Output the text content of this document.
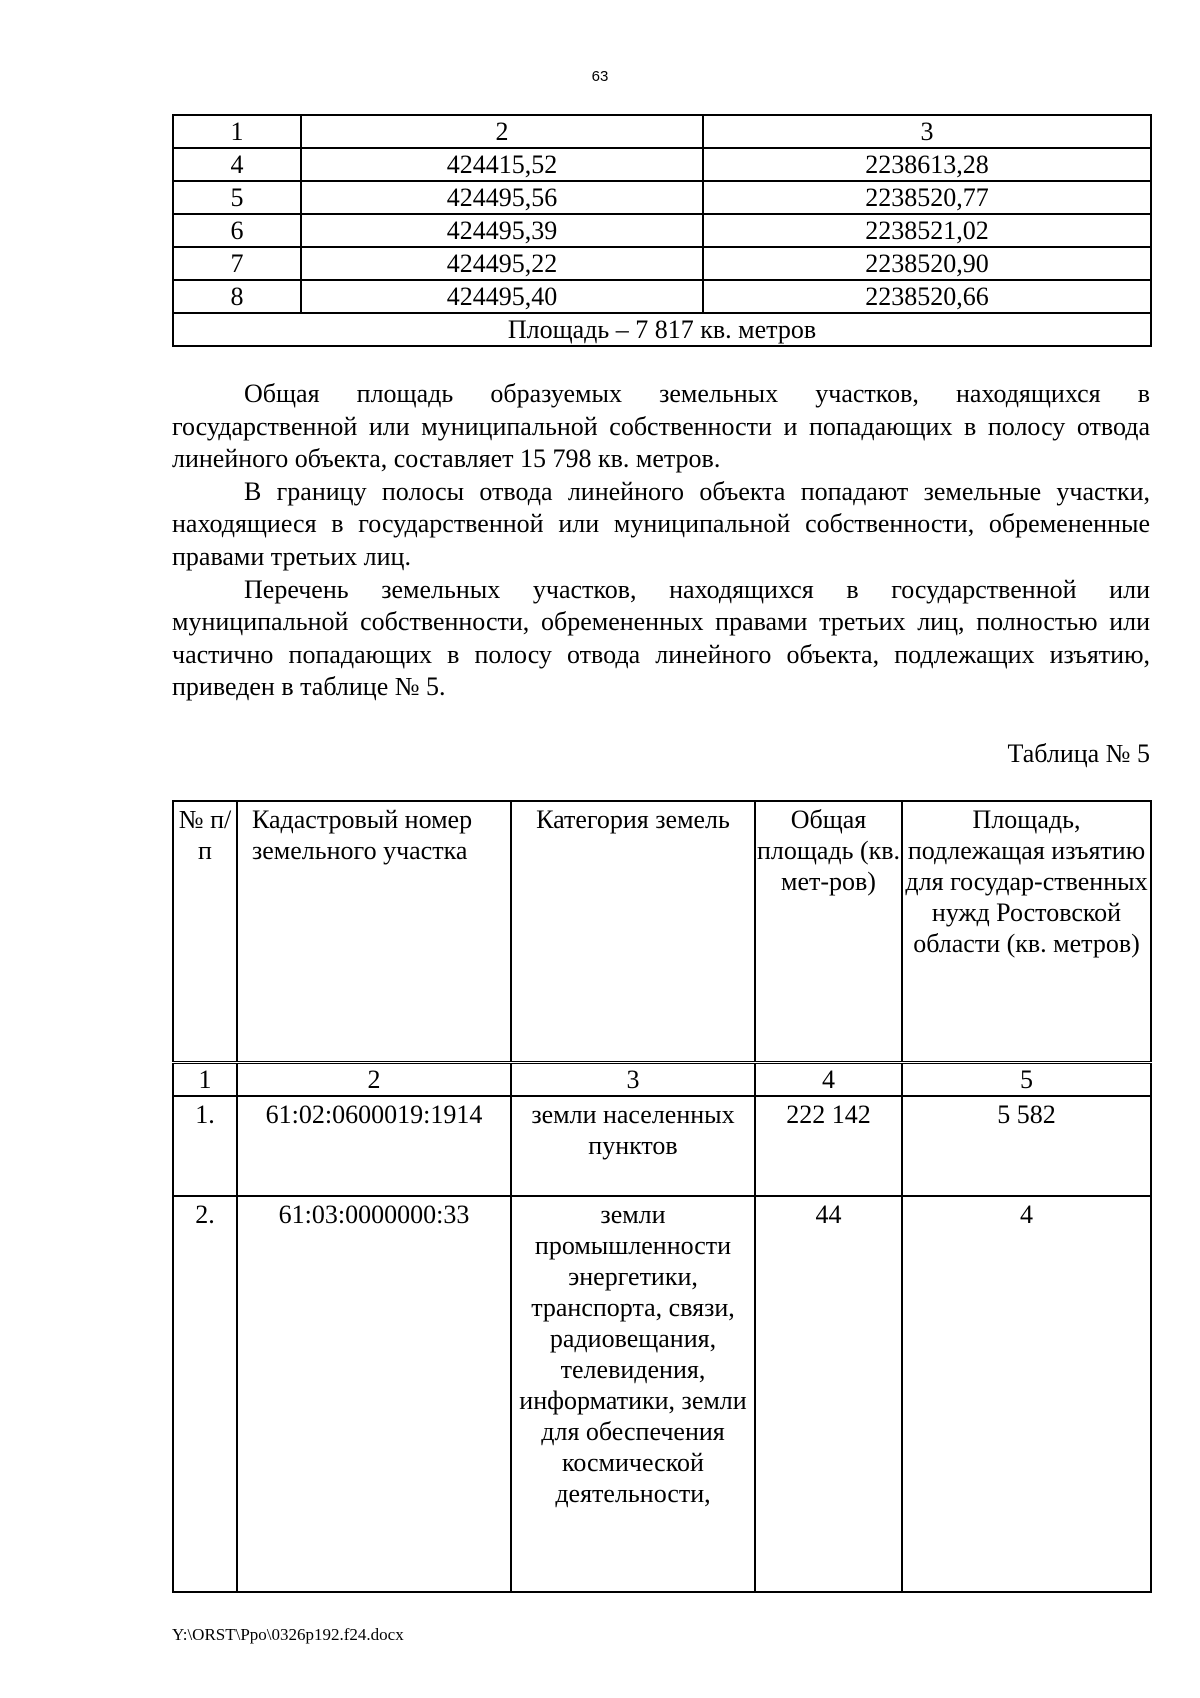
63
1	2	3
4	424415,52	2238613,28
5	424495,56	2238520,77
6	424495,39	2238521,02
7	424495,22	2238520,90
8	424495,40	2238520,66
Площадь – 7 817 кв. метров		

Общая площадь образуемых земельных участков, находящихся в государственной или муниципальной собственности и попадающих в полосу отвода линейного объекта, составляет 15 798 кв. метров.

В границу полосы отвода линейного объекта попадают земельные участки, находящиеся в государственной или муниципальной собственности, обремененные правами третьих лиц.

Перечень земельных участков, находящихся в государственной или муниципальной собственности, обремененных правами третьих лиц, полностью или частично попадающих в полосу отвода линейного объекта, подлежащих изъятию, приведен в таблице № 5.

Таблица № 5
№ п/п	Кадастровый номер земельного участка	Категория земель	Общая площадь (кв. мет-ров)	Площадь, подлежащая изъятию для государ-ственных нужд Ростовской области (кв. метров)
1	2	3	4	5
1.	61:02:0600019:1914	земли населенных пунктов	222 142	5 582
2.	61:03:0000000:33	земли промышленности энергетики, транспорта, связи, радиовещания, телевидения, информатики, земли для обеспечения космической деятельности,	44	4
Y:\ORST\Ppo\0326p192.f24.docx
